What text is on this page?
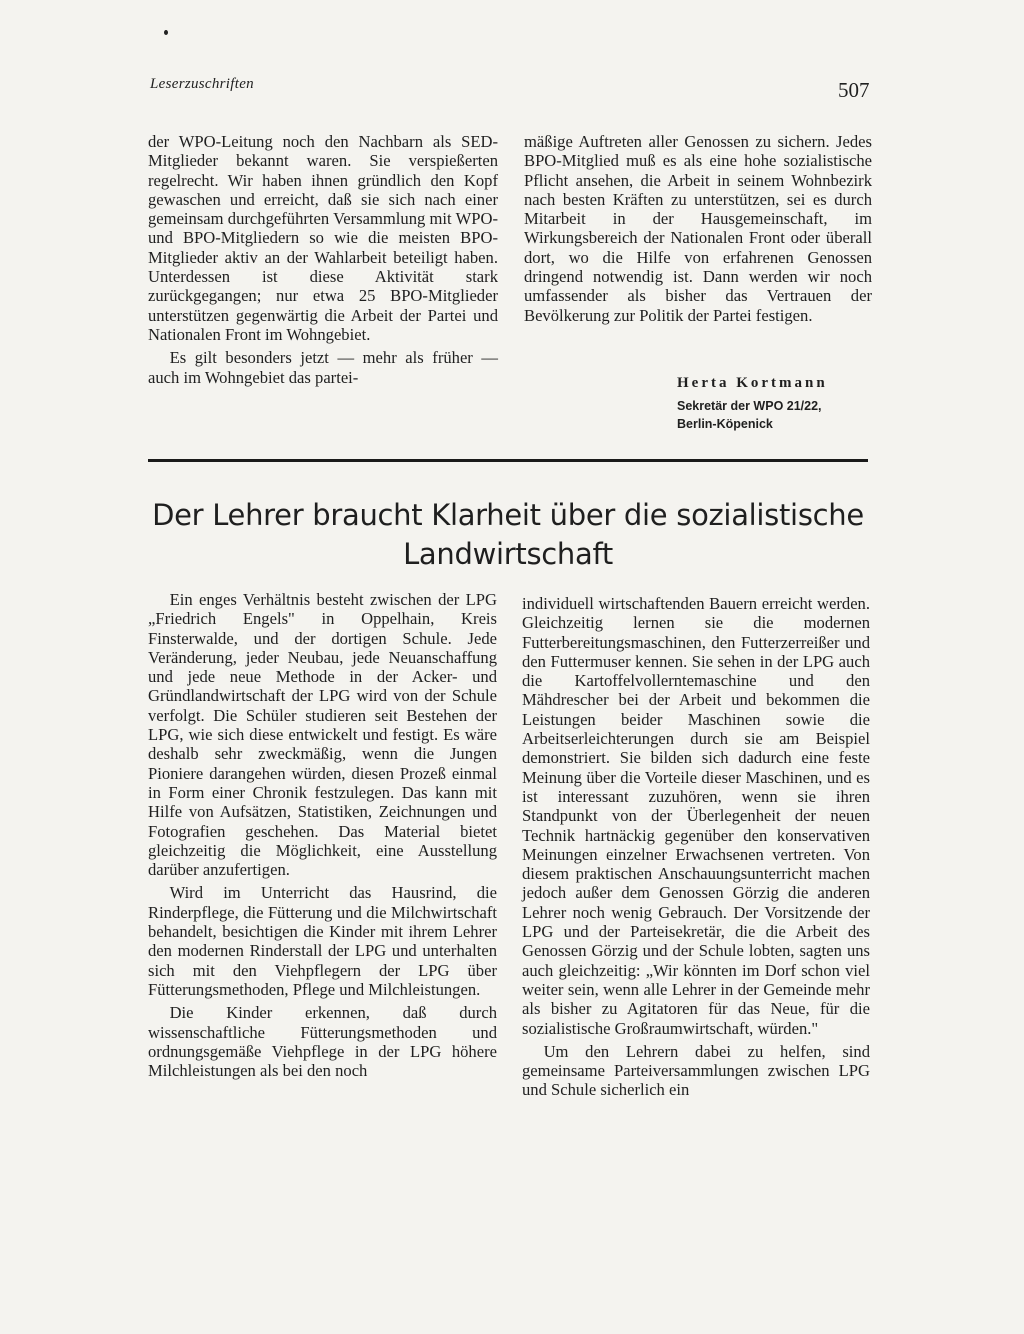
Leserzuschriften	507

der WPO-Leitung noch den Nachbarn als SED-Mitglieder bekannt waren. Sie verspießerten regelrecht. Wir haben ihnen gründlich den Kopf gewaschen und erreicht, daß sie sich nach einer gemeinsam durchgeführten Versammlung mit WPO- und BPO-Mitgliedern so wie die meisten BPO-Mitglieder aktiv an der Wahlarbeit beteiligt haben. Unterdessen ist diese Aktivität stark zurückgegangen; nur etwa 25 BPO-Mitglieder unterstützen gegenwärtig die Arbeit der Partei und Nationalen Front im Wohngebiet.

Es gilt besonders jetzt — mehr als früher — auch im Wohngebiet das partei-

mäßige Auftreten aller Genossen zu sichern. Jedes BPO-Mitglied muß es als eine hohe sozialistische Pflicht ansehen, die Arbeit in seinem Wohnbezirk nach besten Kräften zu unterstützen, sei es durch Mitarbeit in der Hausgemeinschaft, im Wirkungsbereich der Nationalen Front oder überall dort, wo die Hilfe von erfahrenen Genossen dringend notwendig ist. Dann werden wir noch umfassender als bisher das Vertrauen der Bevölkerung zur Politik der Partei festigen.

Herta Kortmann
Sekretär der WPO 21/22,
Berlin-Köpenick
Der Lehrer braucht Klarheit über die sozialistische
Landwirtschaft

Ein enges Verhältnis besteht zwischen der LPG „Friedrich Engels" in Oppelhain, Kreis Finsterwalde, und der dortigen Schule. Jede Veränderung, jeder Neubau, jede Neuanschaffung und jede neue Methode in der Acker- und Gründlandwirtschaft der LPG wird von der Schule verfolgt. Die Schüler studieren seit Bestehen der LPG, wie sich diese entwickelt und festigt. Es wäre deshalb sehr zweckmäßig, wenn die Jungen Pioniere darangehen würden, diesen Prozeß einmal in Form einer Chronik festzulegen. Das kann mit Hilfe von Aufsätzen, Statistiken, Zeichnungen und Fotografien geschehen. Das Material bietet gleichzeitig die Möglichkeit, eine Ausstellung darüber anzufertigen.

Wird im Unterricht das Hausrind, die Rinderpflege, die Fütterung und die Milchwirtschaft behandelt, besichtigen die Kinder mit ihrem Lehrer den modernen Rinderstall der LPG und unterhalten sich mit den Viehpflegern der LPG über Fütterungsmethoden, Pflege und Milchleistungen.

Die Kinder erkennen, daß durch wissenschaftliche Fütterungsmethoden und ordnungsgemäße Viehpflege in der LPG höhere Milchleistungen als bei den noch

individuell wirtschaftenden Bauern erreicht werden. Gleichzeitig lernen sie die modernen Futterbereitungsmaschinen, den Futterzerreißer und den Futtermuser kennen. Sie sehen in der LPG auch die Kartoffelvollerntemaschine und den Mähdrescher bei der Arbeit und bekommen die Leistungen beider Maschinen sowie die Arbeitserleichterungen durch sie am Beispiel demonstriert. Sie bilden sich dadurch eine feste Meinung über die Vorteile dieser Maschinen, und es ist interessant zuzuhören, wenn sie ihren Standpunkt von der Überlegenheit der neuen Technik hartnäckig gegenüber den konservativen Meinungen einzelner Erwachsenen vertreten. Von diesem praktischen Anschauungsunterricht machen jedoch außer dem Genossen Görzig die anderen Lehrer noch wenig Gebrauch. Der Vorsitzende der LPG und der Parteisekretär, die die Arbeit des Genossen Görzig und der Schule lobten, sagten uns auch gleichzeitig: „Wir könnten im Dorf schon viel weiter sein, wenn alle Lehrer in der Gemeinde mehr als bisher zu Agitatoren für das Neue, für die sozialistische Großraumwirtschaft, würden."

Um den Lehrern dabei zu helfen, sind gemeinsame Parteiversammlungen zwischen LPG und Schule sicherlich ein
